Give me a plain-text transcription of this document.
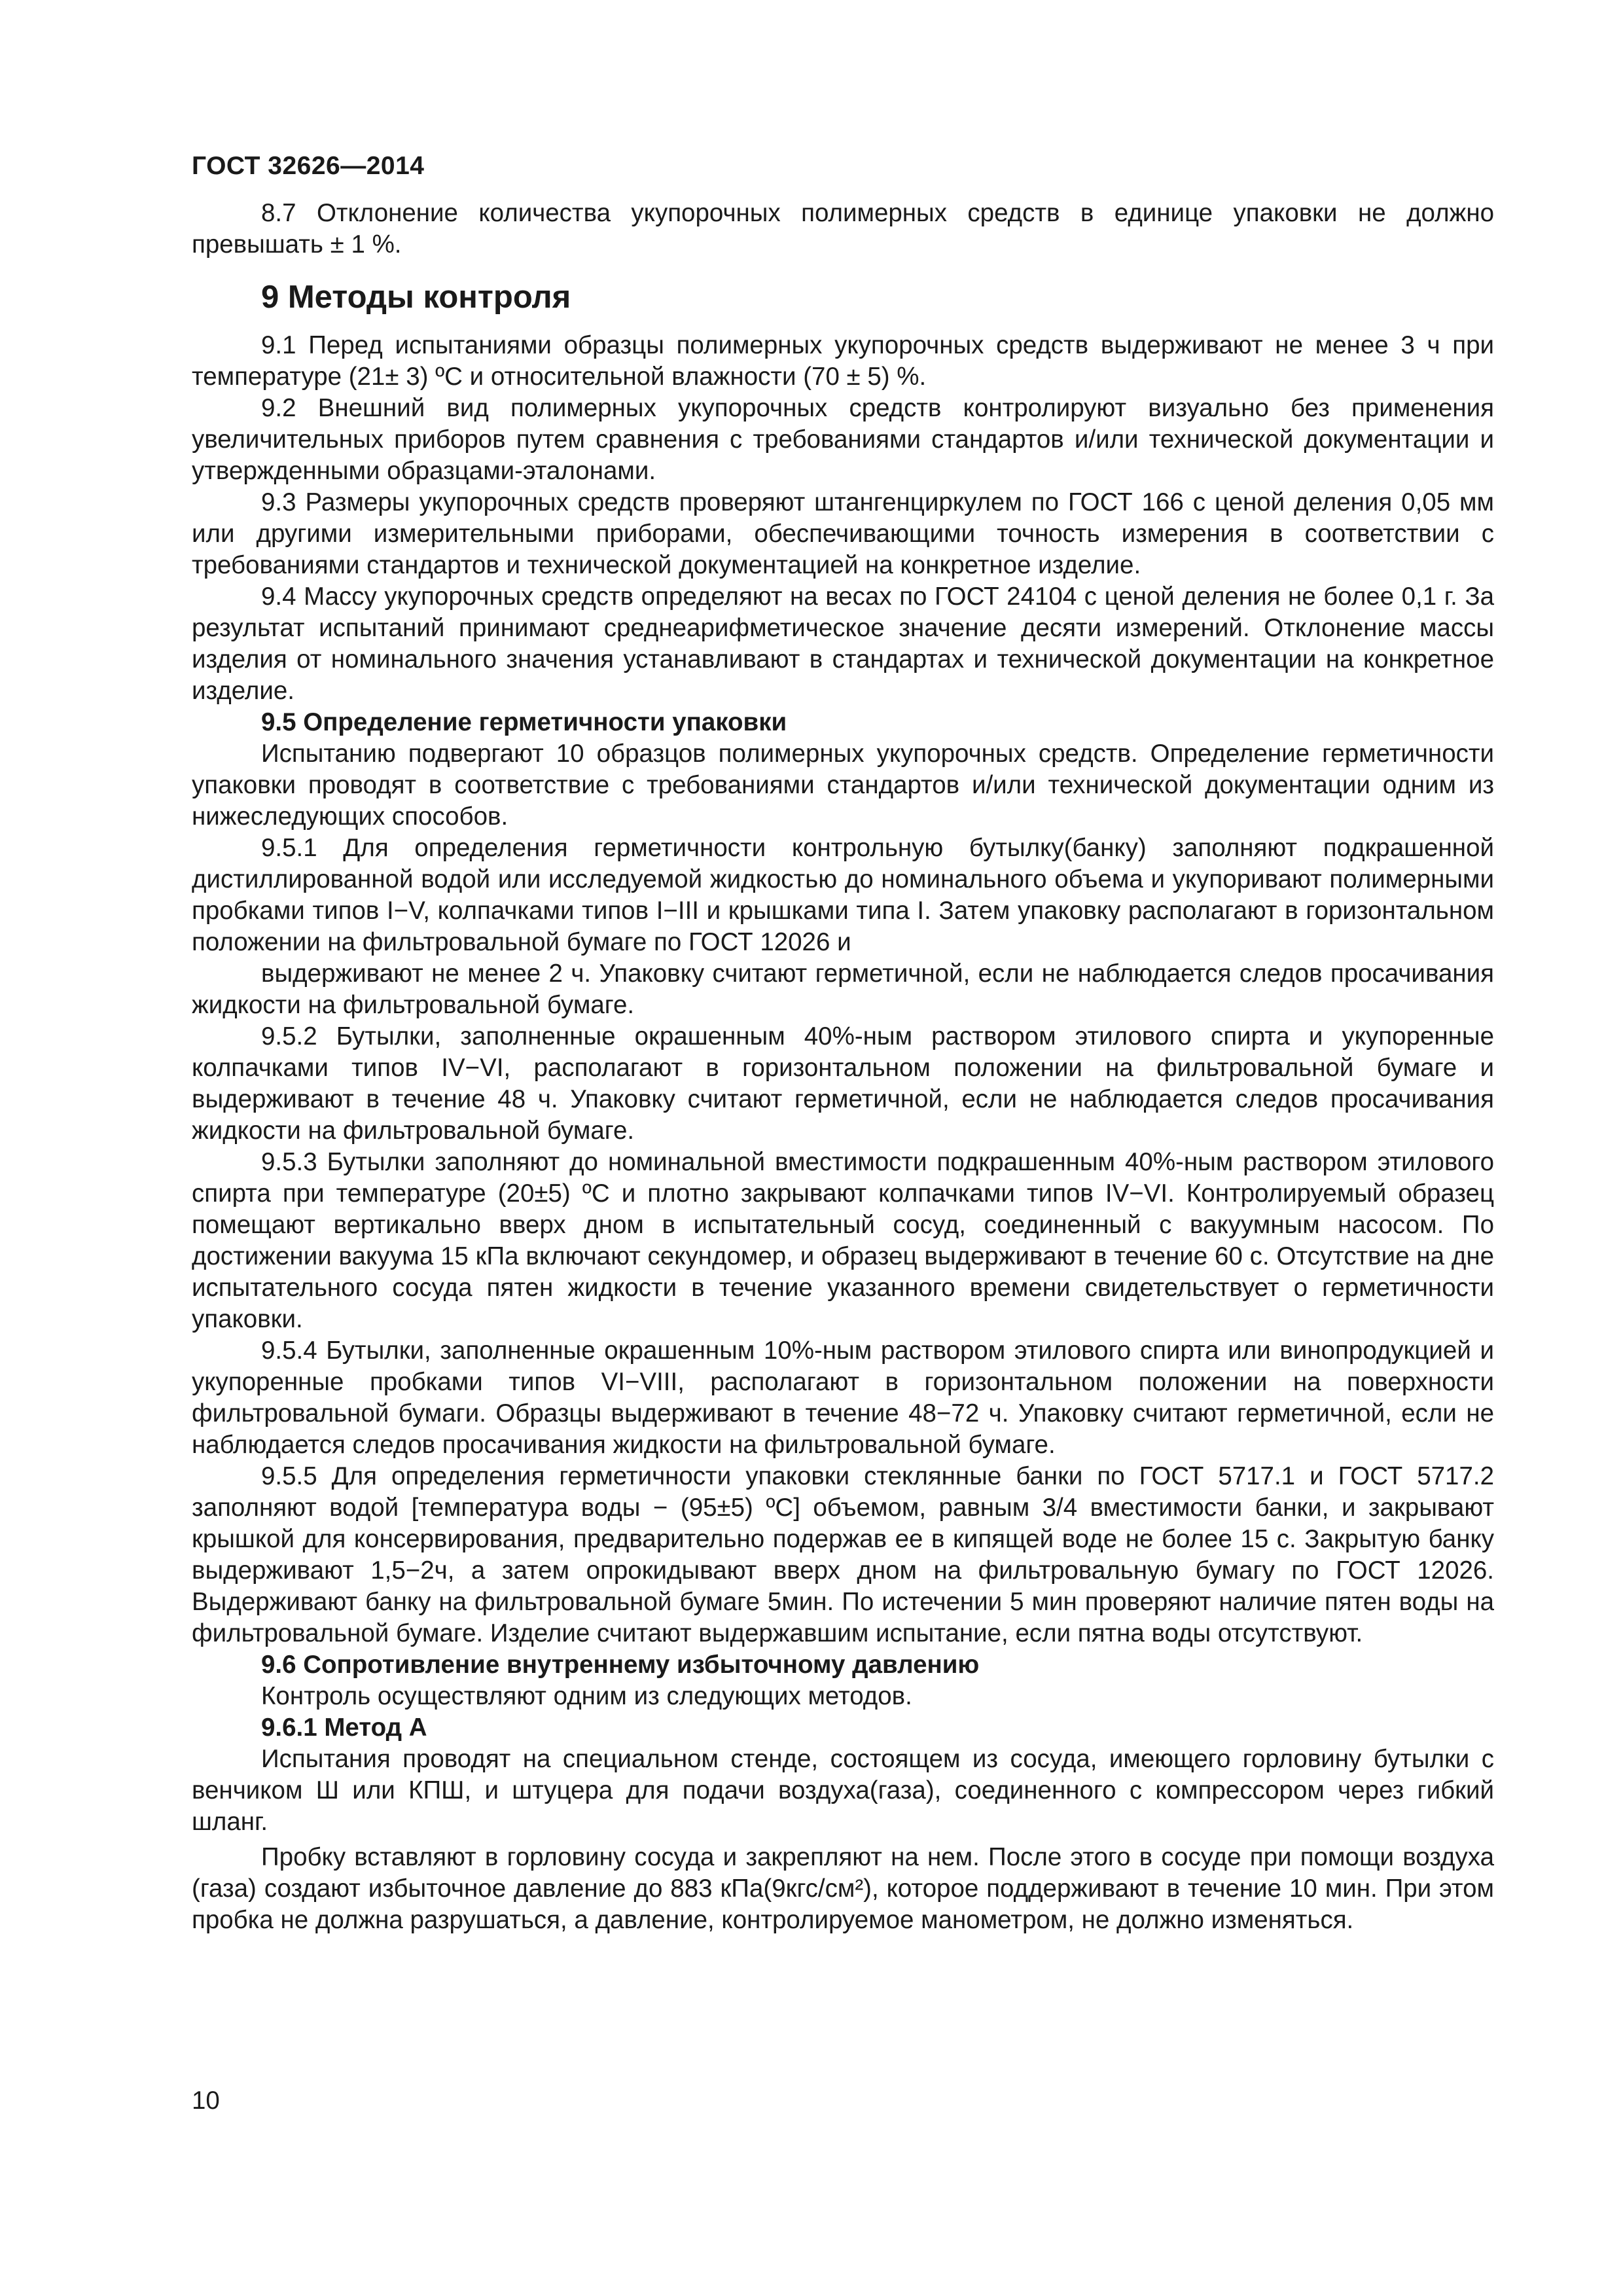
ГОСТ 32626—2014

8.7 Отклонение количества укупорочных полимерных средств в единице упаковки не должно превышать ± 1 %.

9 Методы контроля

9.1 Перед испытаниями образцы полимерных укупорочных средств выдерживают не менее 3 ч при температуре (21± 3) ºС и относительной влажности (70 ± 5) %.

9.2 Внешний вид полимерных укупорочных средств контролируют визуально без применения увеличительных приборов путем сравнения с требованиями стандартов и/или технической документации и утвержденными образцами-эталонами.

9.3 Размеры укупорочных средств проверяют штангенциркулем по ГОСТ 166 с ценой деления 0,05 мм или другими измерительными приборами, обеспечивающими точность измерения в соответствии с требованиями стандартов и технической документацией на конкретное изделие.

9.4 Массу укупорочных средств определяют на весах по ГОСТ 24104 с ценой деления не более 0,1 г. За результат испытаний принимают среднеарифметическое значение десяти измерений. Отклонение массы изделия от номинального значения устанавливают в стандартах и технической документации на конкретное изделие.

9.5 Определение герметичности упаковки

Испытанию подвергают 10 образцов полимерных укупорочных средств. Определение герметичности упаковки проводят в соответствие с требованиями стандартов и/или технической документации одним из нижеследующих способов.

9.5.1 Для определения герметичности контрольную бутылку(банку) заполняют подкрашенной дистиллированной водой или исследуемой жидкостью до номинального объема и укупоривают полимерными пробками типов I−V, колпачками типов I−III и крышками типа I. Затем упаковку располагают в горизонтальном положении на фильтровальной бумаге по ГОСТ 12026 и

выдерживают не менее 2 ч. Упаковку считают герметичной, если не наблюдается следов просачивания жидкости на фильтровальной бумаге.

9.5.2 Бутылки, заполненные окрашенным 40%-ным раствором этилового спирта и укупоренные колпачками типов IV−VI, располагают в горизонтальном положении на фильтровальной бумаге и выдерживают в течение 48 ч. Упаковку считают герметичной, если не наблюдается следов просачивания жидкости на фильтровальной бумаге.

9.5.3 Бутылки заполняют до номинальной вместимости подкрашенным 40%-ным раствором этилового спирта при температуре (20±5) ºС и плотно закрывают колпачками типов IV−VI. Контролируемый образец помещают вертикально вверх дном в испытательный сосуд, соединенный с вакуумным насосом. По достижении вакуума 15 кПа включают секундомер, и образец выдерживают в течение 60 с. Отсутствие на дне испытательного сосуда пятен жидкости в течение указанного времени свидетельствует о герметичности упаковки.

9.5.4 Бутылки, заполненные окрашенным 10%-ным раствором этилового спирта или винопродукцией и укупоренные пробками типов VI−VIII, располагают в горизонтальном положении на поверхности фильтровальной бумаги. Образцы выдерживают в течение 48−72 ч. Упаковку считают герметичной, если не наблюдается следов просачивания жидкости на фильтровальной бумаге.

9.5.5 Для определения герметичности упаковки стеклянные банки по ГОСТ 5717.1 и ГОСТ 5717.2 заполняют водой [температура воды − (95±5) ºС] объемом, равным 3/4 вместимости банки, и закрывают крышкой для консервирования, предварительно подержав ее в кипящей воде не более 15 с. Закрытую банку выдерживают 1,5−2ч, а затем опрокидывают вверх дном на фильтровальную бумагу по ГОСТ 12026. Выдерживают банку на фильтровальной бумаге 5мин. По истечении 5 мин проверяют наличие пятен воды на фильтровальной бумаге. Изделие считают выдержавшим испытание, если пятна воды отсутствуют.

9.6 Сопротивление внутреннему избыточному давлению

Контроль осуществляют одним из следующих методов.

9.6.1 Метод А

Испытания проводят на специальном стенде, состоящем из сосуда, имеющего горловину бутылки с венчиком Ш или КПШ, и штуцера для подачи воздуха(газа), соединенного с компрессором через гибкий шланг.

Пробку вставляют в горловину сосуда и закрепляют на нем. После этого в сосуде при помощи воздуха (газа) создают избыточное давление до 883 кПа(9кгс/см²), которое поддерживают в течение 10 мин. При этом пробка не должна разрушаться, а давление, контролируемое манометром, не должно изменяться.

10
